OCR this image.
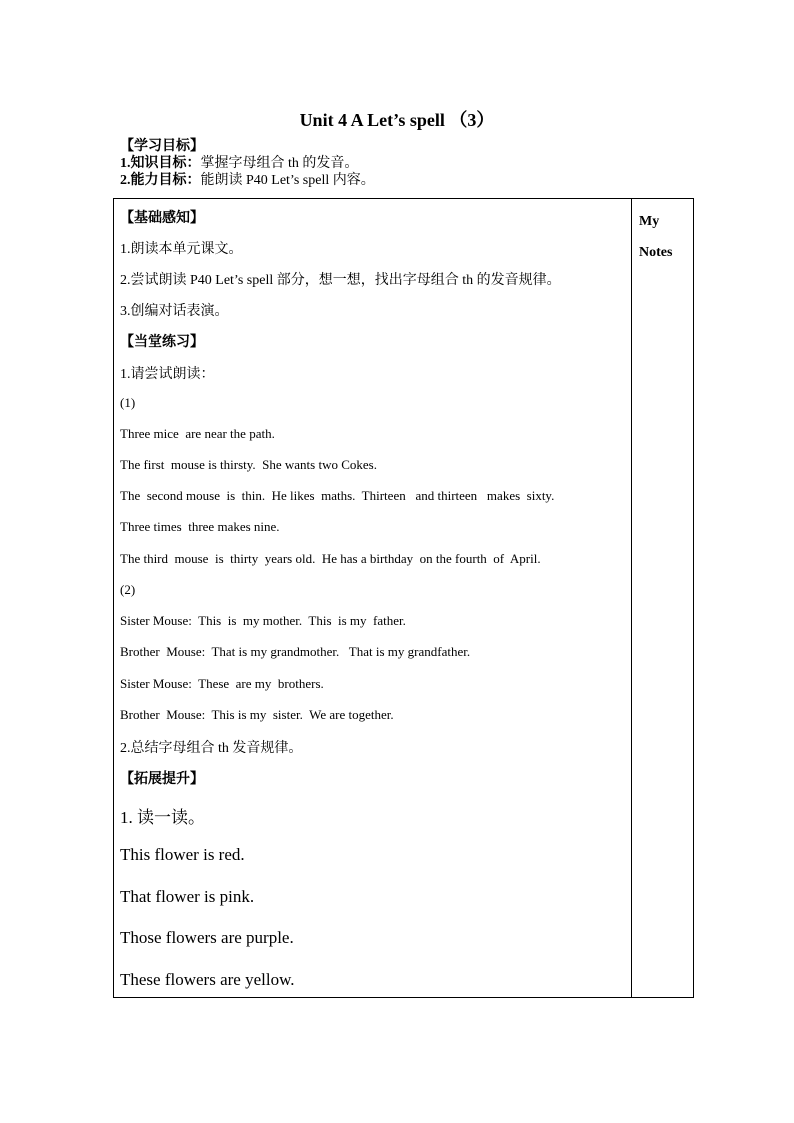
Unit 4 A Let’s spell （3）
【学习目标】
1.知识目标：掌握字母组合 th 的发音。
2.能力目标：能朗读 P40 Let’s spell 内容。
【基础感知】
1.朗读本单元课文。
2.尝试朗读 P40 Let’s spell 部分，想一想，找出字母组合 th 的发音规律。
3.创编对话表演。
【当堂练习】
1.请尝试朗读：
(1)
Three mice  are near the path.
The first  mouse is thirsty.  She wants two Cokes.
The  second mouse  is  thin.  He likes  maths.  Thirteen   and thirteen   makes  sixty.
Three times  three makes nine.
The third  mouse  is  thirty  years old.  He has a birthday  on the fourth  of  April.
(2)
Sister Mouse:  This  is  my mother.  This  is my  father.
Brother  Mouse:  That is my grandmother.   That is my grandfather.
Sister Mouse:  These  are my  brothers.
Brother  Mouse:  This is my  sister.  We are together.
2.总结字母组合 th 发音规律。
【拓展提升】
1. 读一读。
This flower is red.
That flower is pink.
Those flowers are purple.
These flowers are yellow.
My
Notes
